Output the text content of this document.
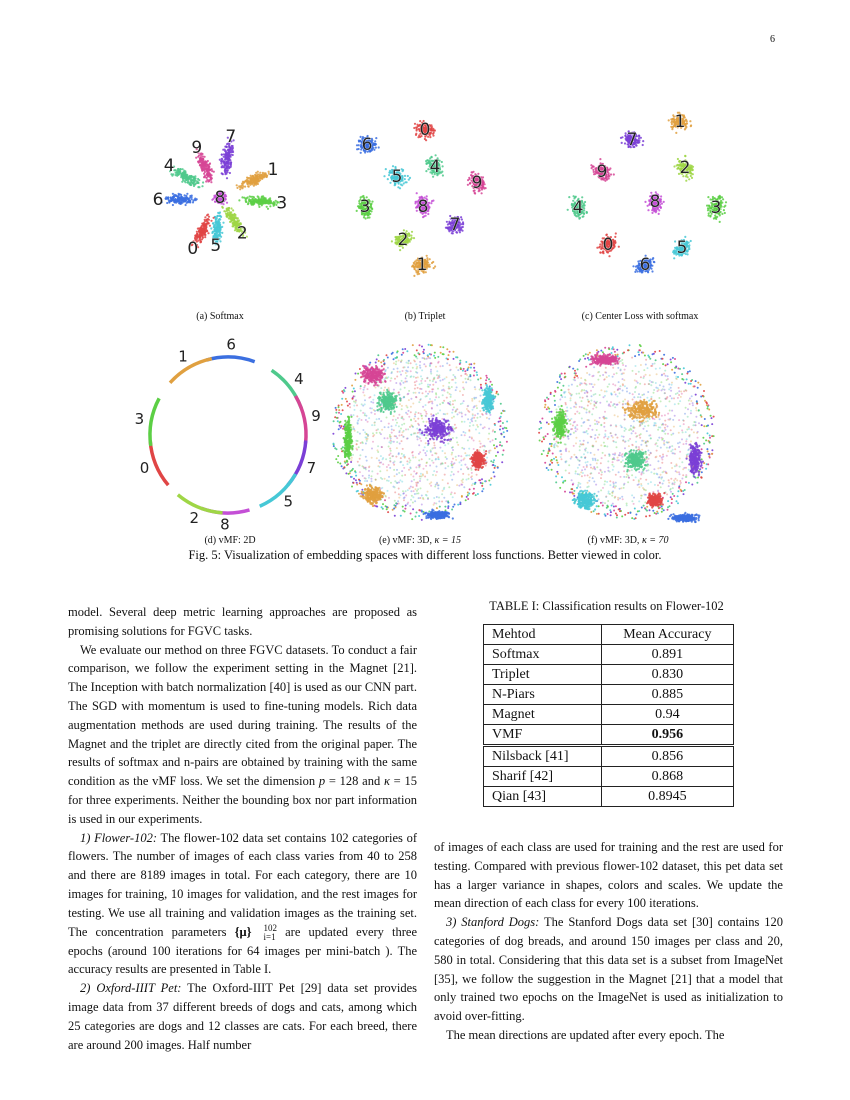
6
7
1
3
2
5
0
6
4
9
8
(a) Softmax
6
0
5 4
9
3	8
7
2
1
(b) Triplet
1
7
9	2
4	8	3
0	5
6
(c) Center Loss with softmax
6
4
9
7
5
8
2
0
3
1
(d) vMF: 2D	(e) vMF: 3D, κ = 15	(f) vMF: 3D, κ = 70
Fig. 5: Visualization of embedding spaces with different loss functions. Better viewed in color.

model. Several deep metric learning approaches are proposed as promising solutions for FGVC tasks.

We evaluate our method on three FGVC datasets. To conduct a fair comparison, we follow the experiment setting in the Magnet [21]. The Inception with batch normalization [40] is used as our CNN part. The SGD with momentum is used to fine-tuning models. Rich data augmentation methods are used during training. The results of the Magnet and the triplet are directly cited from the original paper. The results of softmax and n-pairs are obtained by training with the same condition as the vMF loss. We set the dimension p = 128 and κ = 15 for three experiments. Neither the bounding box nor part information is used in our experiments.

1) Flower-102: The flower-102 data set contains 102 categories of flowers. The number of images of each class varies from 40 to 258 and there are 8189 images in total. For each category, there are 10 images for training, 10 images for validation, and the rest images for testing. We use all training and validation images as the training set. The concentration parameters {μ}	102
i=1 are updated every three epochs (around 100 iterations for 64 images per mini-batch ). The accuracy results are presented in Table I.

2) Oxford-IIIT Pet: The Oxford-IIIT Pet [29] data set provides image data from 37 different breeds of dogs and cats, among which 25 categories are dogs and 12 classes are cats. For each breed, there are around 200 images. Half number

TABLE I: Classification results on Flower-102
Mehtod	Mean Accuracy
Softmax	0.891
Triplet	0.830
N-Piars	0.885
Magnet	0.94
VMF	0.956
Nilsback [41]	0.856
Sharif [42]	0.868
Qian [43]	0.8945

of images of each class are used for training and the rest are used for testing. Compared with previous flower-102 dataset, this pet data set has a larger variance in shapes, colors and scales. We update the mean direction of each class for every 100 iterations.

3) Stanford Dogs: The Stanford Dogs data set [30] contains 120 categories of dog breads, and around 150 images per class and 20, 580 in total. Considering that this data set is a subset from ImageNet [35], we follow the suggestion in the Magnet [21] that a model that only trained two epochs on the ImageNet is used as initialization to avoid over-fitting.

The mean directions are updated after every epoch. The
